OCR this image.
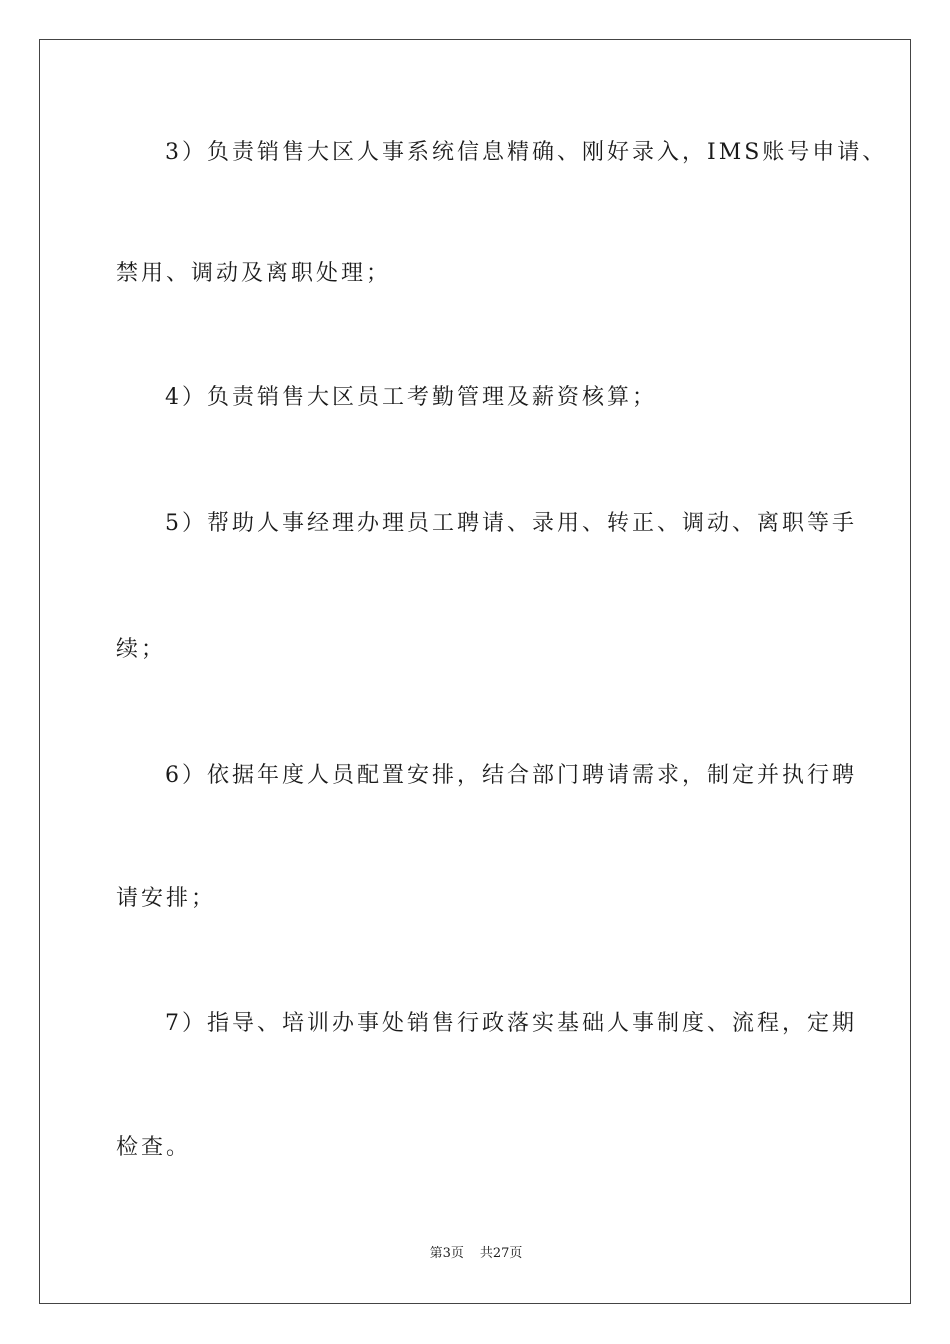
3）负责销售大区人事系统信息精确、刚好录入，IMS账号申请、

禁用、调动及离职处理；

4）负责销售大区员工考勤管理及薪资核算；

5）帮助人事经理办理员工聘请、录用、转正、调动、离职等手

续；

6）依据年度人员配置安排，结合部门聘请需求，制定并执行聘

请安排；

7）指导、培训办事处销售行政落实基础人事制度、流程，定期

检查。

第3页 共27页
